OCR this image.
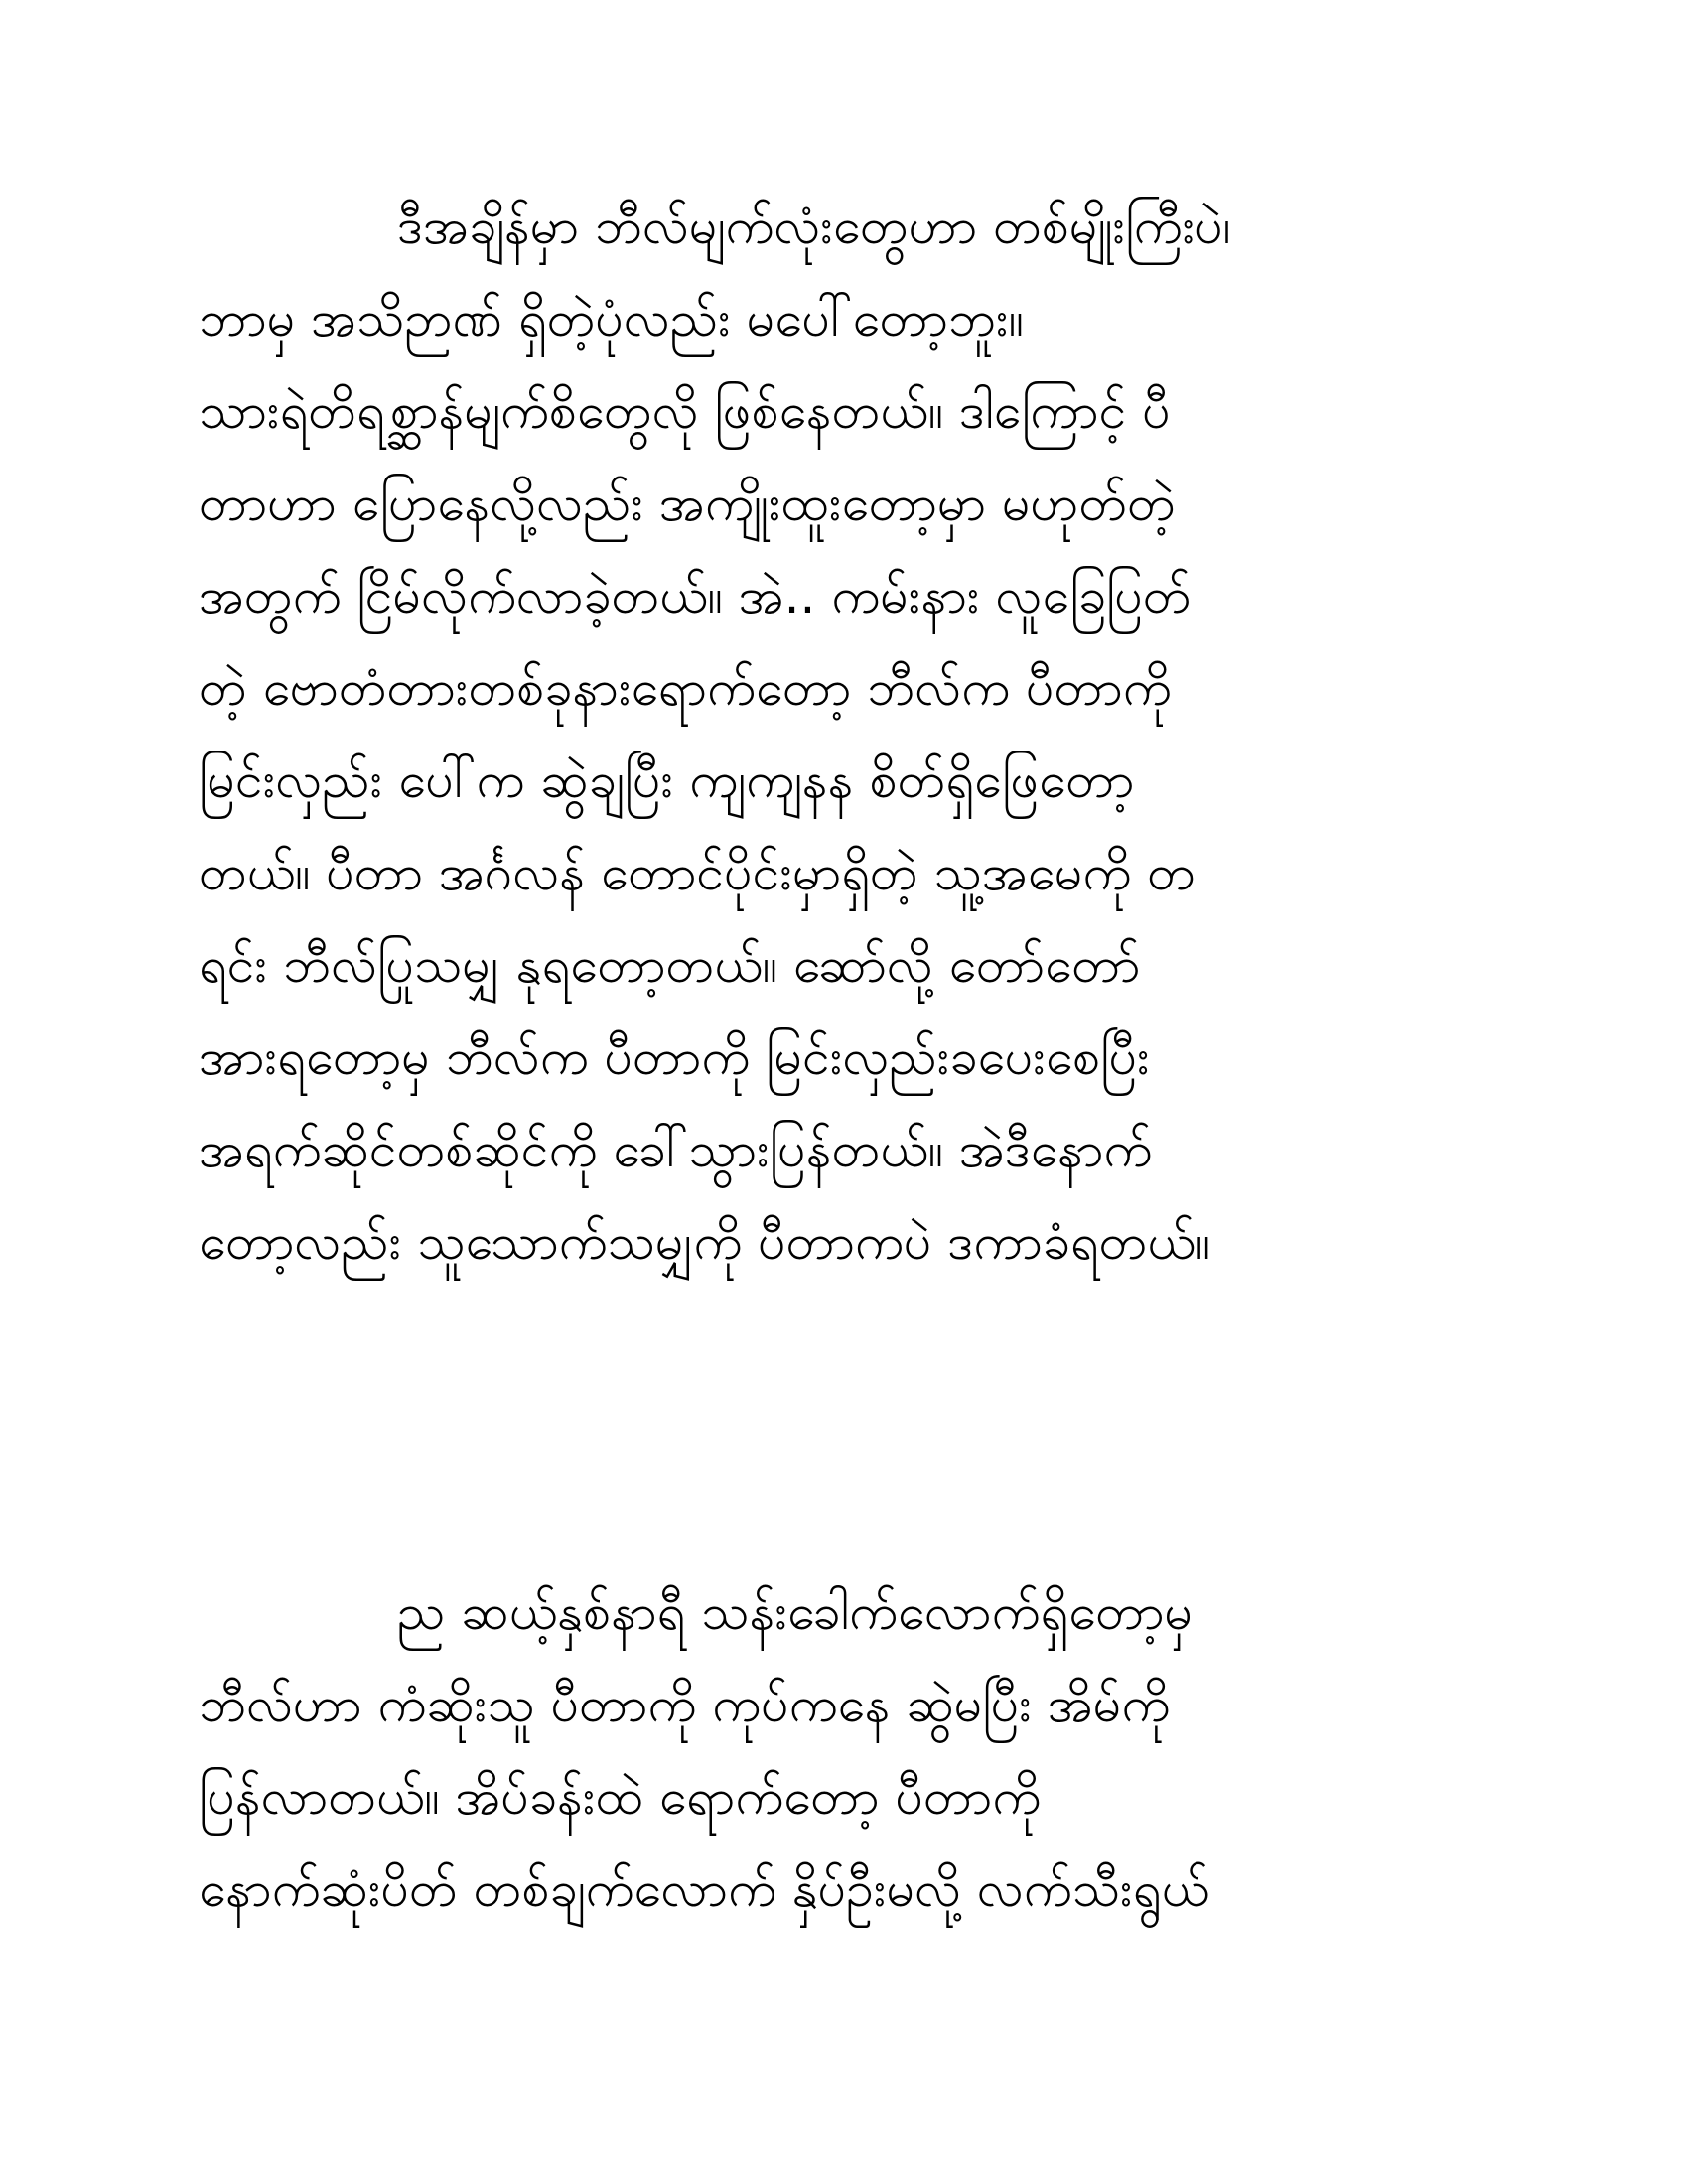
ဒီအချိန်မှာ ဘီလ်မျက်လုံးတွေဟာ တစ်မျိုးကြီးပဲ၊
ဘာမှ အသိဉာဏ် ရှိတဲ့ပုံလည်း မပေါ်တော့ဘူး။
သားရဲတိရစ္ဆာန်မျက်စိတွေလို ဖြစ်နေတယ်။ ဒါကြောင့် ပီ
တာဟာ ပြောနေလို့လည်း အကျိုးထူးတော့မှာ မဟုတ်တဲ့
အတွက် ငြိမ်လိုက်လာခဲ့တယ်။ အဲ.. ကမ်းနား လူခြေပြတ်
တဲ့ ဗောတံတားတစ်ခုနားရောက်တော့ ဘီလ်က ပီတာကို
မြင်းလှည်း ပေါ်က ဆွဲချပြီး ကျကျနန စိတ်ရှိဖြေတော့
တယ်။ ပီတာ အင်္ဂလန် တောင်ပိုင်းမှာရှိတဲ့ သူ့အမေကို တ
ရင်း ဘီလ်ပြုသမျှ နုရတော့တယ်။ ဆော်လို့ တော်တော်
အားရတော့မှ ဘီလ်က ပီတာကို မြင်းလှည်းခပေးစေပြီး
အရက်ဆိုင်တစ်ဆိုင်ကို ခေါ်သွားပြန်တယ်။ အဲဒီနောက်
တော့လည်း သူသောက်သမျှကို ပီတာကပဲ ဒကာခံရတယ်။
ည ဆယ့်နှစ်နာရီ သန်းခေါက်လောက်ရှိတော့မှ
ဘီလ်ဟာ ကံဆိုးသူ ပီတာကို ကုပ်ကနေ ဆွဲမပြီး အိမ်ကို
ပြန်လာတယ်။ အိပ်ခန်းထဲ ရောက်တော့ ပီတာကို
နောက်ဆုံးပိတ် တစ်ချက်လောက် နှိပ်ဦးမလို့ လက်သီးရွယ်
